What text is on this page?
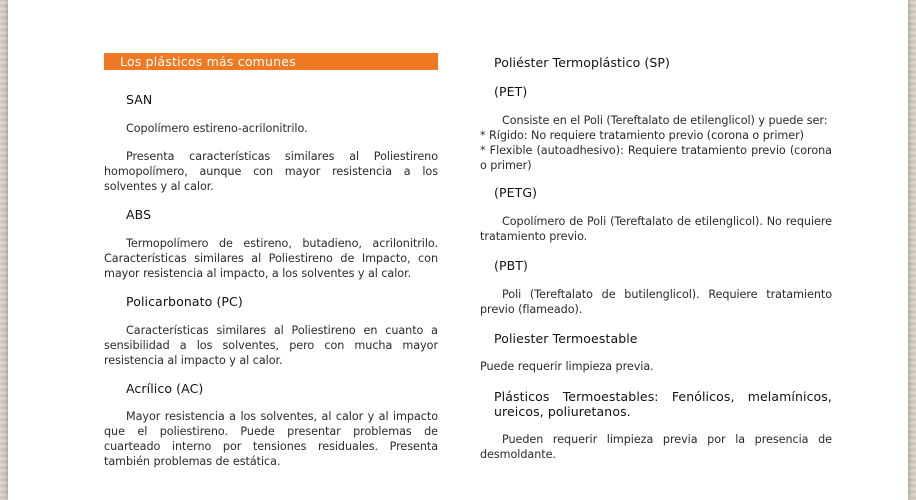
Los plásticos más comunes
SAN
Copolímero estireno-acrilonitrilo.
Presenta características similares al Poliestireno homopolímero, aunque con mayor resistencia a los solventes y al calor.
ABS
Termopolímero de estireno, butadieno, acrilonitrilo. Características similares al Poliestireno de Impacto, con mayor resistencia al impacto, a los solventes y al calor.
Policarbonato (PC)
Características similares al Poliestireno en cuanto a sensibilidad a los solventes, pero con mucha mayor resistencia al impacto y al calor.
Acrílico (AC)
Mayor resistencia a los solventes, al calor y al impacto que el poliestireno. Puede presentar problemas de cuarteado interno por tensiones residuales. Presenta también problemas de estática.
Poliéster Termoplástico (SP)
(PET)
Consiste en el Poli (Tereftalato de etilenglicol) y puede ser:
* Rígido: No requiere tratamiento previo (corona o primer)
* Flexible (autoadhesivo): Requiere tratamiento previo (corona o primer)
(PETG)
Copolímero de Poli (Tereftalato de etilenglicol). No requiere tratamiento previo.
(PBT)
Poli (Tereftalato de butilenglicol). Requiere tratamiento previo (flameado).
Poliester Termoestable
Puede requerir limpieza previa.
Plásticos Termoestables: Fenólicos, melamínicos, ureicos, poliuretanos.
Pueden requerir limpieza previa por la presencia de desmoldante.
